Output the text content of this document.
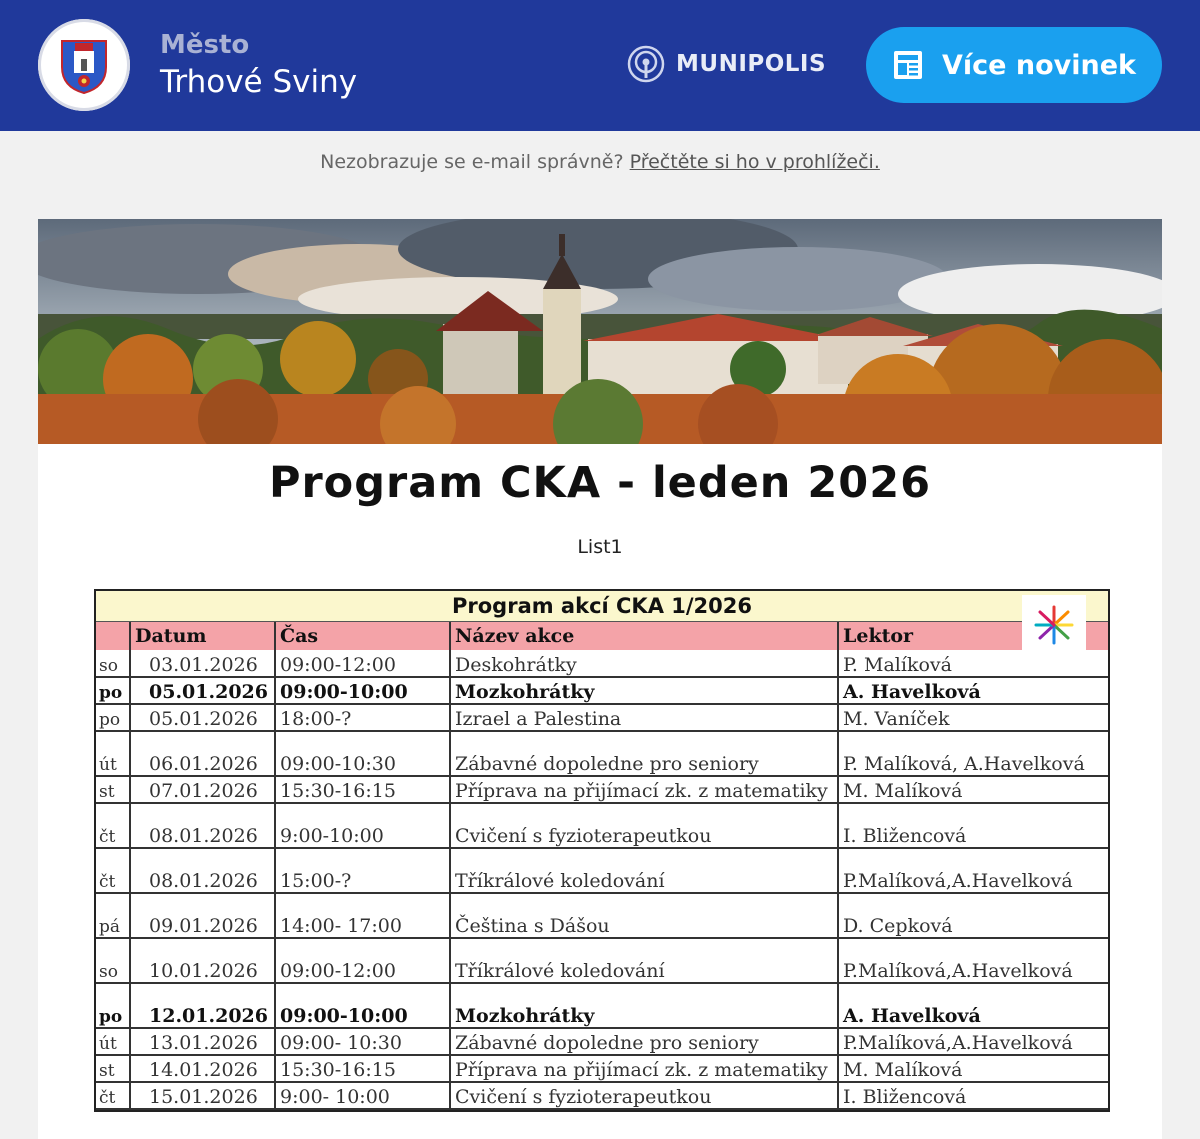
Město
Trhové Sviny	MUNIPOLIS	Více novinek
Nezobrazuje se e-mail správně? Přečtěte si ho v prohlížeči.
Program CKA - leden 2026
List1
Program akcí CKA 1/2026
	Datum	Čas	Název akce	Lektor
so	03.01.2026	09:00-12:00	Deskohrátky	P. Malíková
po	05.01.2026	09:00-10:00	Mozkohrátky	A. Havelková
po	05.01.2026	18:00-?	Izrael a Palestina	M. Vaníček
út	06.01.2026	09:00-10:30	Zábavné dopoledne pro seniory	P. Malíková, A.Havelková
st	07.01.2026	15:30-16:15	Příprava na přijímací zk. z matematiky	M. Malíková
čt	08.01.2026	9:00-10:00	Cvičení s fyzioterapeutkou	I. Bližencová
čt	08.01.2026	15:00-?	Tříkrálové koledování	P.Malíková,A.Havelková
pá	09.01.2026	14:00- 17:00	Čeština s Dášou	D. Cepková
so	10.01.2026	09:00-12:00	Tříkrálové koledování	P.Malíková,A.Havelková
po	12.01.2026	09:00-10:00	Mozkohrátky	A. Havelková
út	13.01.2026	09:00- 10:30	Zábavné dopoledne pro seniory	P.Malíková,A.Havelková
st	14.01.2026	15:30-16:15	Příprava na přijímací zk. z matematiky	M. Malíková
čt	15.01.2026	9:00- 10:00	Cvičení s fyzioterapeutkou	I. Bližencová
